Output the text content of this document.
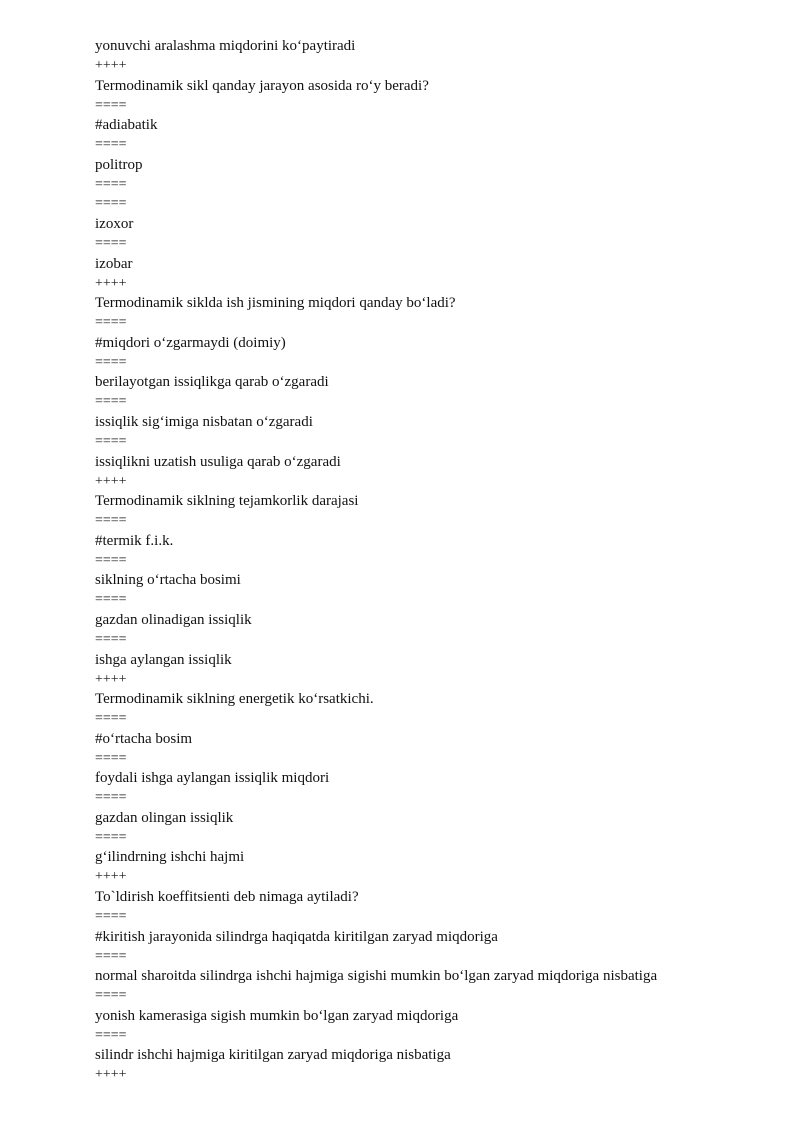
yonuvchi aralashma miqdorini koʻpaytiradi
++++
Termodinamik sikl qanday jarayon asosida roʻy beradi?
====
#adiabatik
====
politrop
====
====
izoxor
====
izobar
++++
Termodinamik siklda ish jismining miqdori qanday boʻladi?
====
#miqdori oʻzgarmaydi (doimiy)
====
berilayotgan issiqlikga qarab oʻzgaradi
====
issiqlik sigʻimiga nisbatan oʻzgaradi
====
issiqlikni uzatish usuliga qarab oʻzgaradi
++++
Termodinamik siklning tejamkorlik darajasi
====
#termik f.i.k.
====
siklning oʻrtacha bosimi
====
gazdan olinadigan issiqlik
====
ishga aylangan issiqlik
++++
Termodinamik siklning energetik koʻrsatkichi.
====
#oʻrtacha bosim
====
foydali ishga aylangan issiqlik miqdori
====
gazdan olingan issiqlik
====
gʻilindrning ishchi hajmi
++++
To`ldirish koeffitsienti deb nimaga aytiladi?
====
#kiritish jarayonida silindrga haqiqatda kiritilgan zaryad miqdoriga
====
normal sharoitda silindrga ishchi hajmiga sigishi mumkin boʻlgan zaryad miqdoriga nisbatiga
====
yonish kamerasiga sigish mumkin boʻlgan zaryad miqdoriga
====
silindr ishchi hajmiga kiritilgan zaryad miqdoriga nisbatiga
++++
